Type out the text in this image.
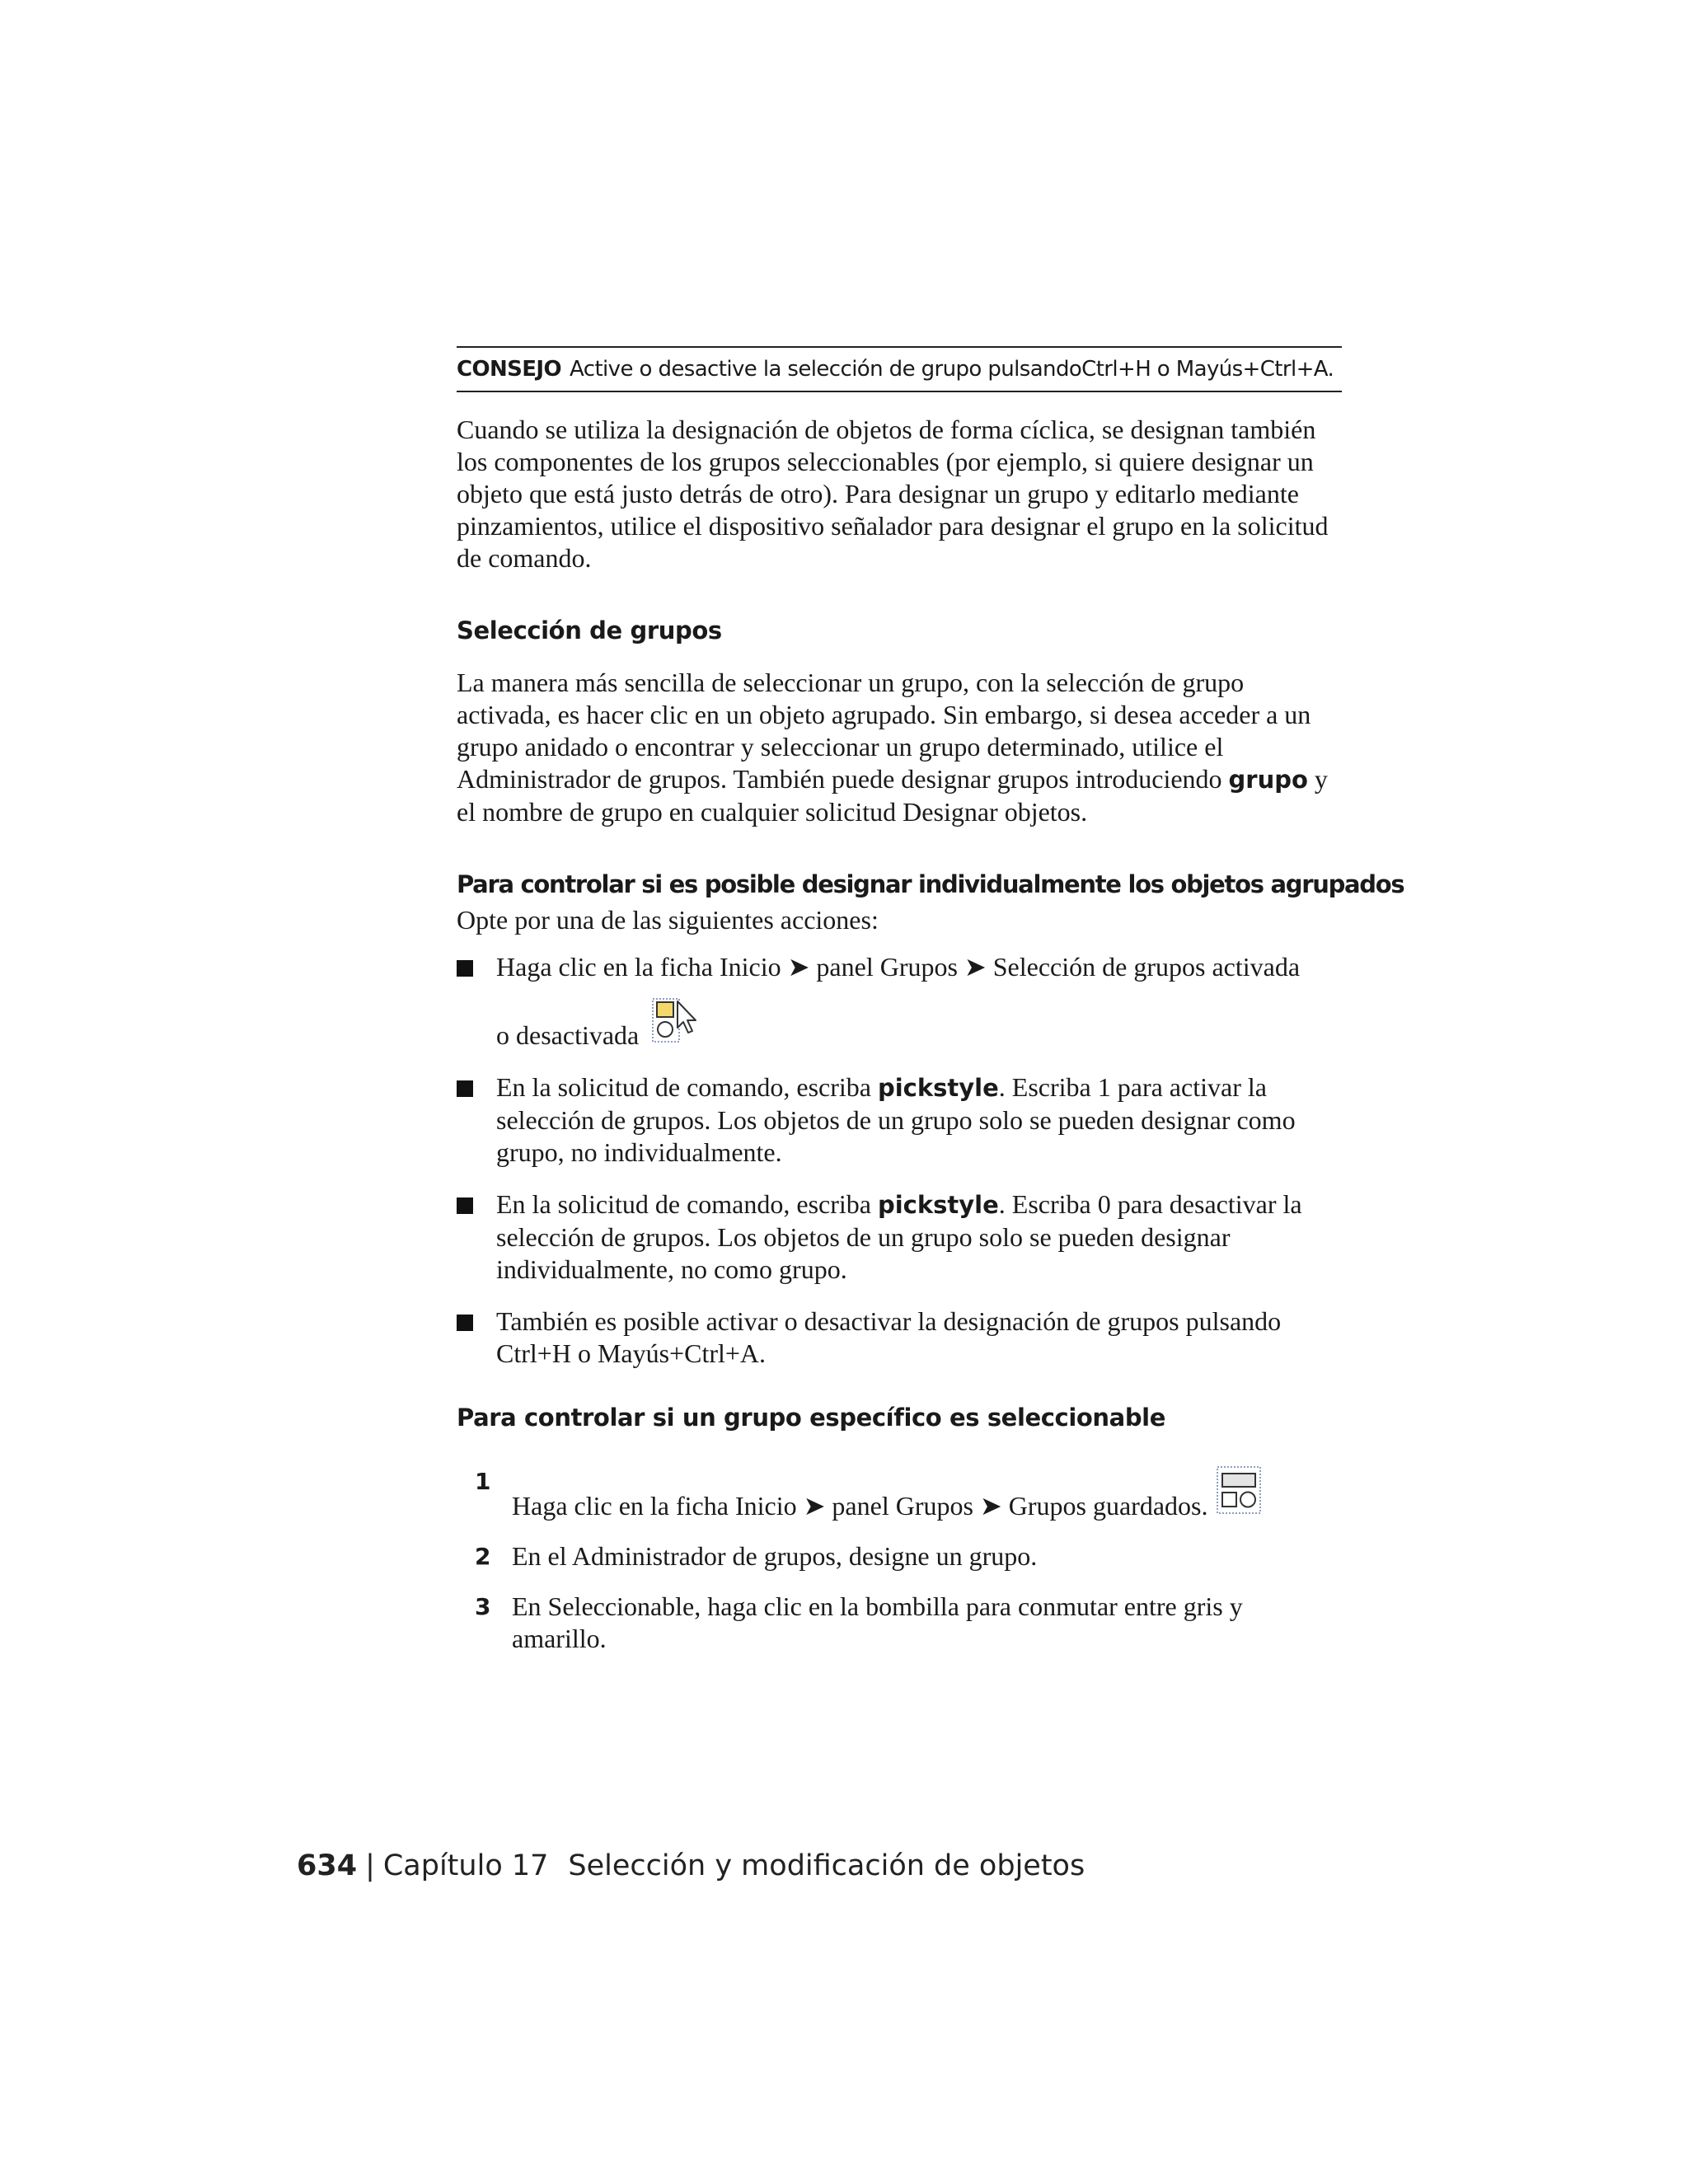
CONSEJO Active o desactive la selección de grupo pulsandoCtrl+H o Mayús+Ctrl+A.

Cuando se utiliza la designación de objetos de forma cíclica, se designan también los componentes de los grupos seleccionables (por ejemplo, si quiere designar un objeto que está justo detrás de otro). Para designar un grupo y editarlo mediante pinzamientos, utilice el dispositivo señalador para designar el grupo en la solicitud de comando.

Selección de grupos

La manera más sencilla de seleccionar un grupo, con la selección de grupo activada, es hacer clic en un objeto agrupado. Sin embargo, si desea acceder a un grupo anidado o encontrar y seleccionar un grupo determinado, utilice el Administrador de grupos. También puede designar grupos introduciendo grupo y el nombre de grupo en cualquier solicitud Designar objetos.

Para controlar si es posible designar individualmente los objetos agrupados
Opte por una de las siguientes acciones:
Haga clic en la ficha Inicio ➤ panel Grupos ➤ Selección de grupos activada
o desactivada
En la solicitud de comando, escriba pickstyle. Escriba 1 para activar la selección de grupos. Los objetos de un grupo solo se pueden designar como grupo, no individualmente.
En la solicitud de comando, escriba pickstyle. Escriba 0 para desactivar la selección de grupos. Los objetos de un grupo solo se pueden designar individualmente, no como grupo.
También es posible activar o desactivar la designación de grupos pulsando Ctrl+H o Mayús+Ctrl+A.
Para controlar si un grupo específico es seleccionable
1
Haga clic en la ficha Inicio ➤ panel Grupos ➤ Grupos guardados.
2 En el Administrador de grupos, designe un grupo.
3 En Seleccionable, haga clic en la bombilla para conmutar entre gris y amarillo.
634 | Capítulo 17 Selección y modificación de objetos
